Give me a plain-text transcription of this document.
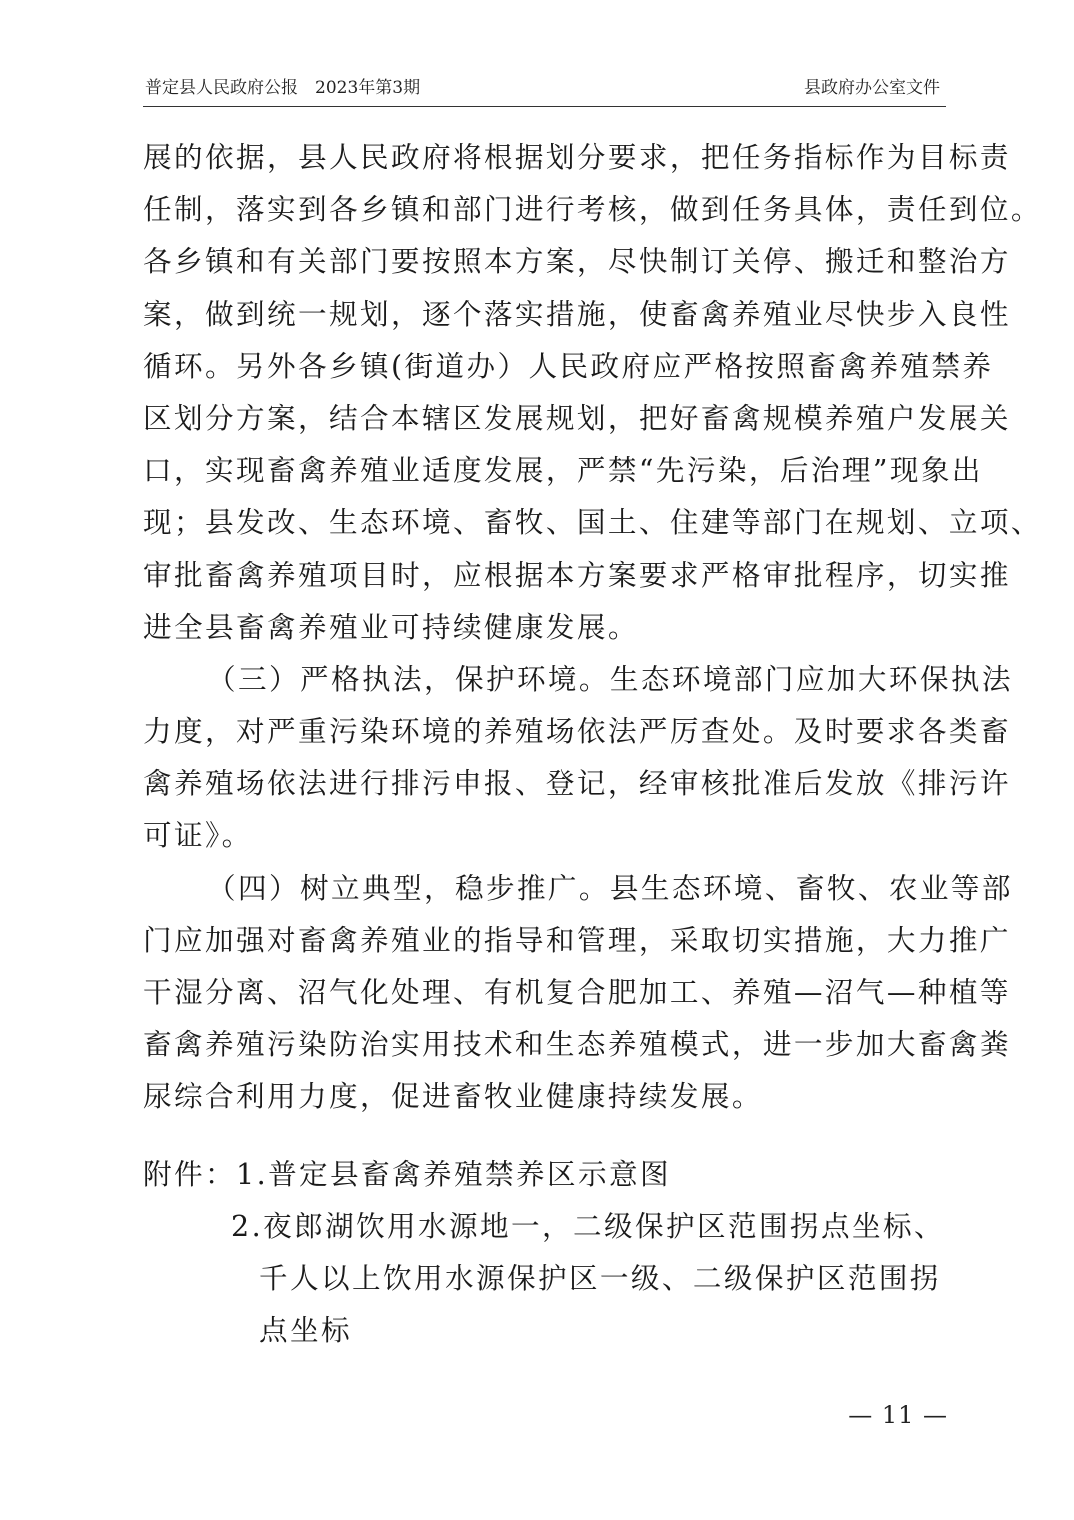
普定县人民政府公报　2023年第3期	县政府办公室文件
展的依据，县人民政府将根据划分要求，把任务指标作为目标责
任制，落实到各乡镇和部门进行考核，做到任务具体，责任到位。
各乡镇和有关部门要按照本方案，尽快制订关停、搬迁和整治方
案，做到统一规划，逐个落实措施，使畜禽养殖业尽快步入良性
循环。另外各乡镇(街道办）人民政府应严格按照畜禽养殖禁养
区划分方案，结合本辖区发展规划，把好畜禽规模养殖户发展关
口，实现畜禽养殖业适度发展，严禁“先污染，后治理”现象出
现；县发改、生态环境、畜牧、国土、住建等部门在规划、立项、
审批畜禽养殖项目时，应根据本方案要求严格审批程序，切实推
进全县畜禽养殖业可持续健康发展。
（三）严格执法，保护环境。生态环境部门应加大环保执法
力度，对严重污染环境的养殖场依法严厉查处。及时要求各类畜
禽养殖场依法进行排污申报、登记，经审核批准后发放《排污许
可证》。
（四）树立典型，稳步推广。县生态环境、畜牧、农业等部
门应加强对畜禽养殖业的指导和管理，采取切实措施，大力推广
干湿分离、沼气化处理、有机复合肥加工、养殖—沼气—种植等
畜禽养殖污染防治实用技术和生态养殖模式，进一步加大畜禽粪
尿综合利用力度，促进畜牧业健康持续发展。
附件：1.普定县畜禽养殖禁养区示意图
2.夜郎湖饮用水源地一，二级保护区范围拐点坐标、
千人以上饮用水源保护区一级、二级保护区范围拐
点坐标
— 11 —
